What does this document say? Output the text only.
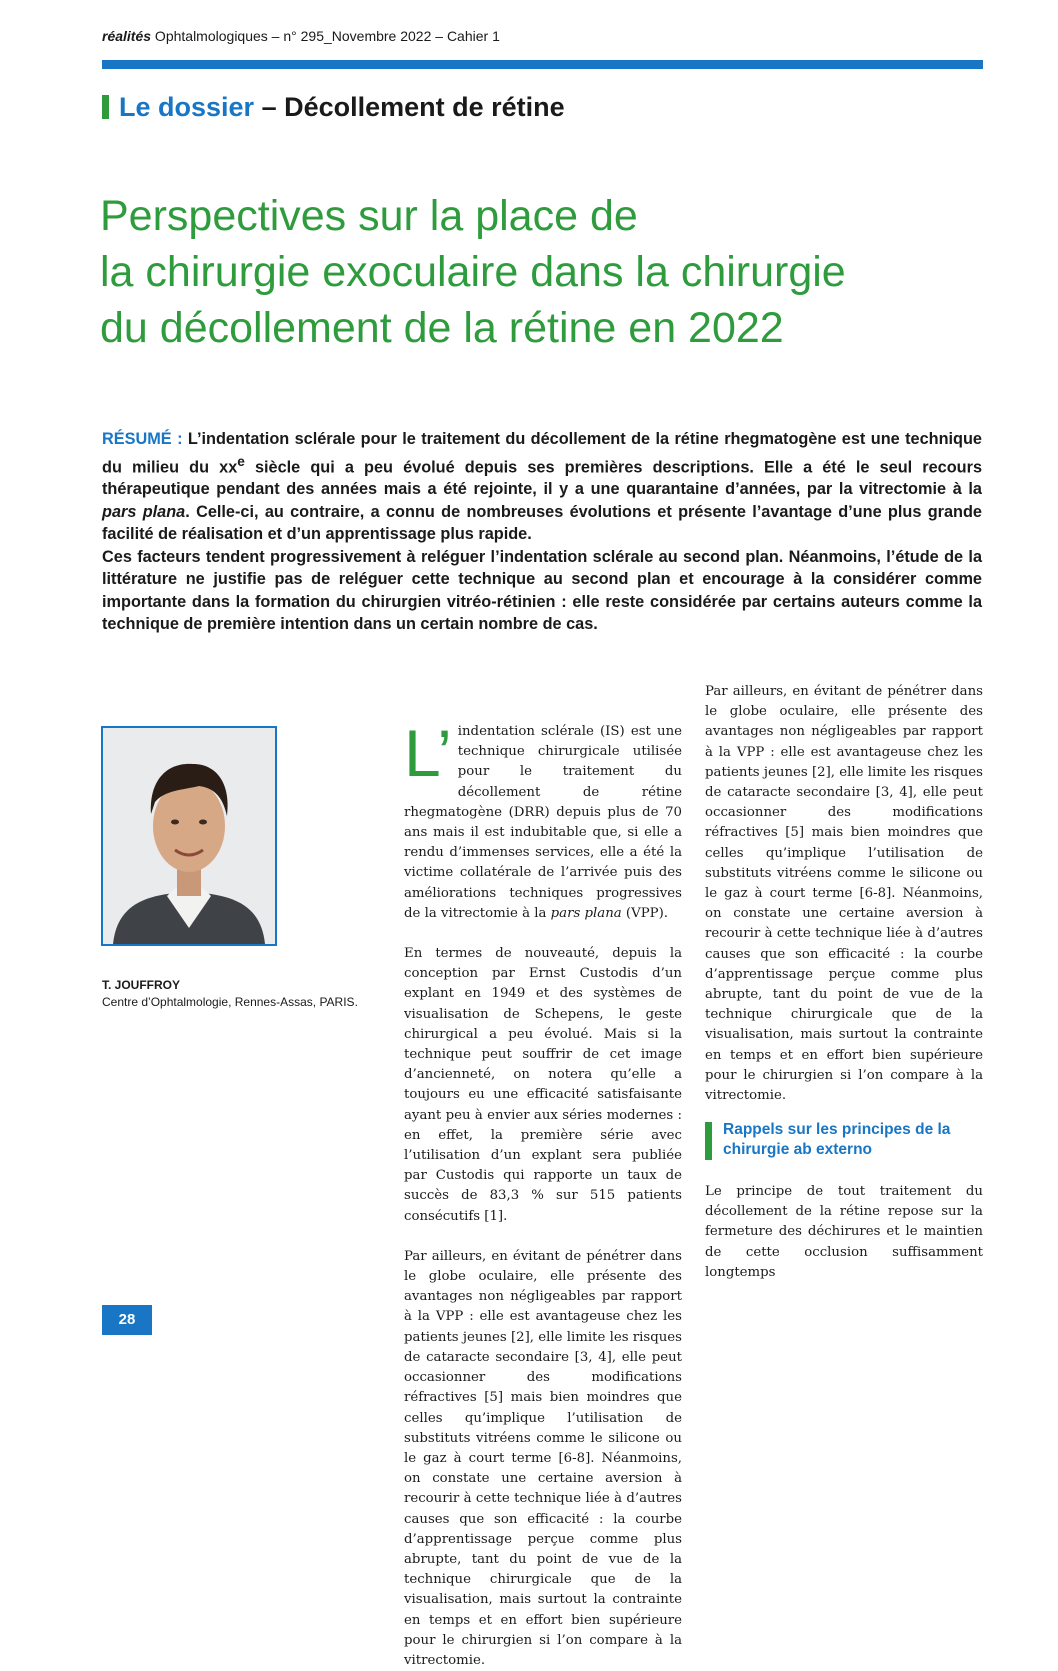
réalités Ophtalmologiques – n° 295_Novembre 2022 – Cahier 1
Le dossier – Décollement de rétine
Perspectives sur la place de
la chirurgie exoculaire dans la chirurgie
du décollement de la rétine en 2022

RÉSUMÉ : L’indentation sclérale pour le traitement du décollement de la rétine rhegmatogène est une technique du milieu du $xx^e$ siècle qui a peu évolué depuis ses premières descriptions. Elle a été le seul recours thérapeutique pendant des années mais a été rejointe, il y a une quarantaine d’années, par la vitrectomie à la pars plana. Celle-ci, au contraire, a connu de nombreuses évolutions et présente l’avantage d’une plus grande facilité de réalisation et d’un apprentissage plus rapide.

Ces facteurs tendent progressivement à reléguer l’indentation sclérale au second plan. Néanmoins, l’étude de la littérature ne justifie pas de reléguer cette technique au second plan et encourage à la considérer comme importante dans la formation du chirurgien vitréo-rétinien : elle reste considérée par certains auteurs comme la technique de première intention dans un certain nombre de cas.

T. JOUFFROY
Centre d’Ophtalmologie, Rennes-Assas, PARIS.

L’ indentation sclérale (IS) est une technique chirurgicale utilisée pour le traitement du décollement de rétine rhegmatogène (DRR) depuis plus de 70 ans mais il est indubitable que, si elle a rendu d’immenses services, elle a été la victime collatérale de l’arrivée puis des améliorations techniques progressives de la vitrectomie à la pars plana (VPP).

En termes de nouveauté, depuis la conception par Ernst Custodis d’un explant en 1949 et des systèmes de visualisation de Schepens, le geste chirurgical a peu évolué. Mais si la technique peut souffrir de cet image d’ancienneté, on notera qu’elle a toujours eu une efficacité satisfaisante ayant peu à envier aux séries modernes : en effet, la première série avec l’utilisation d’un explant sera publiée par Custodis qui rapporte un taux de succès de 83,3 % sur 515 patients consécutifs [1].

Par ailleurs, en évitant de pénétrer dans le globe oculaire, elle présente des avantages non négligeables par rapport à la VPP : elle est avantageuse chez les patients jeunes [2], elle limite les risques de cataracte secondaire [3, 4], elle peut occasionner des modifications réfractives [5] mais bien moindres que celles qu’implique l’utilisation de substituts vitréens comme le silicone ou le gaz à court terme [6-8]. Néanmoins, on constate une certaine aversion à recourir à cette technique liée à d’autres causes que son efficacité : la courbe d’apprentissage perçue comme plus abrupte, tant du point de vue de la technique chirurgicale que de la visualisation, mais surtout la contrainte en temps et en effort bien supérieure pour le chirurgien si l’on compare à la vitrectomie.

Par ailleurs, en évitant de pénétrer dans le globe oculaire, elle présente des avantages non négligeables par rapport à la VPP : elle est avantageuse chez les patients jeunes [2], elle limite les risques de cataracte secondaire [3, 4], elle peut occasionner des modifications réfractives [5] mais bien moindres que celles qu’implique l’utilisation de substituts vitréens comme le silicone ou le gaz à court terme [6-8]. Néanmoins, on constate une certaine aversion à recourir à cette technique liée à d’autres causes que son efficacité : la courbe d’apprentissage perçue comme plus abrupte, tant du point de vue de la technique chirurgicale que de la visualisation, mais surtout la contrainte en temps et en effort bien supérieure pour le chirurgien si l’on compare à la vitrectomie.
Rappels sur les principes de la chirurgie ab externo

Le principe de tout traitement du décollement de la rétine repose sur la fermeture des déchirures et le maintien de cette occlusion suffisamment longtemps

28
